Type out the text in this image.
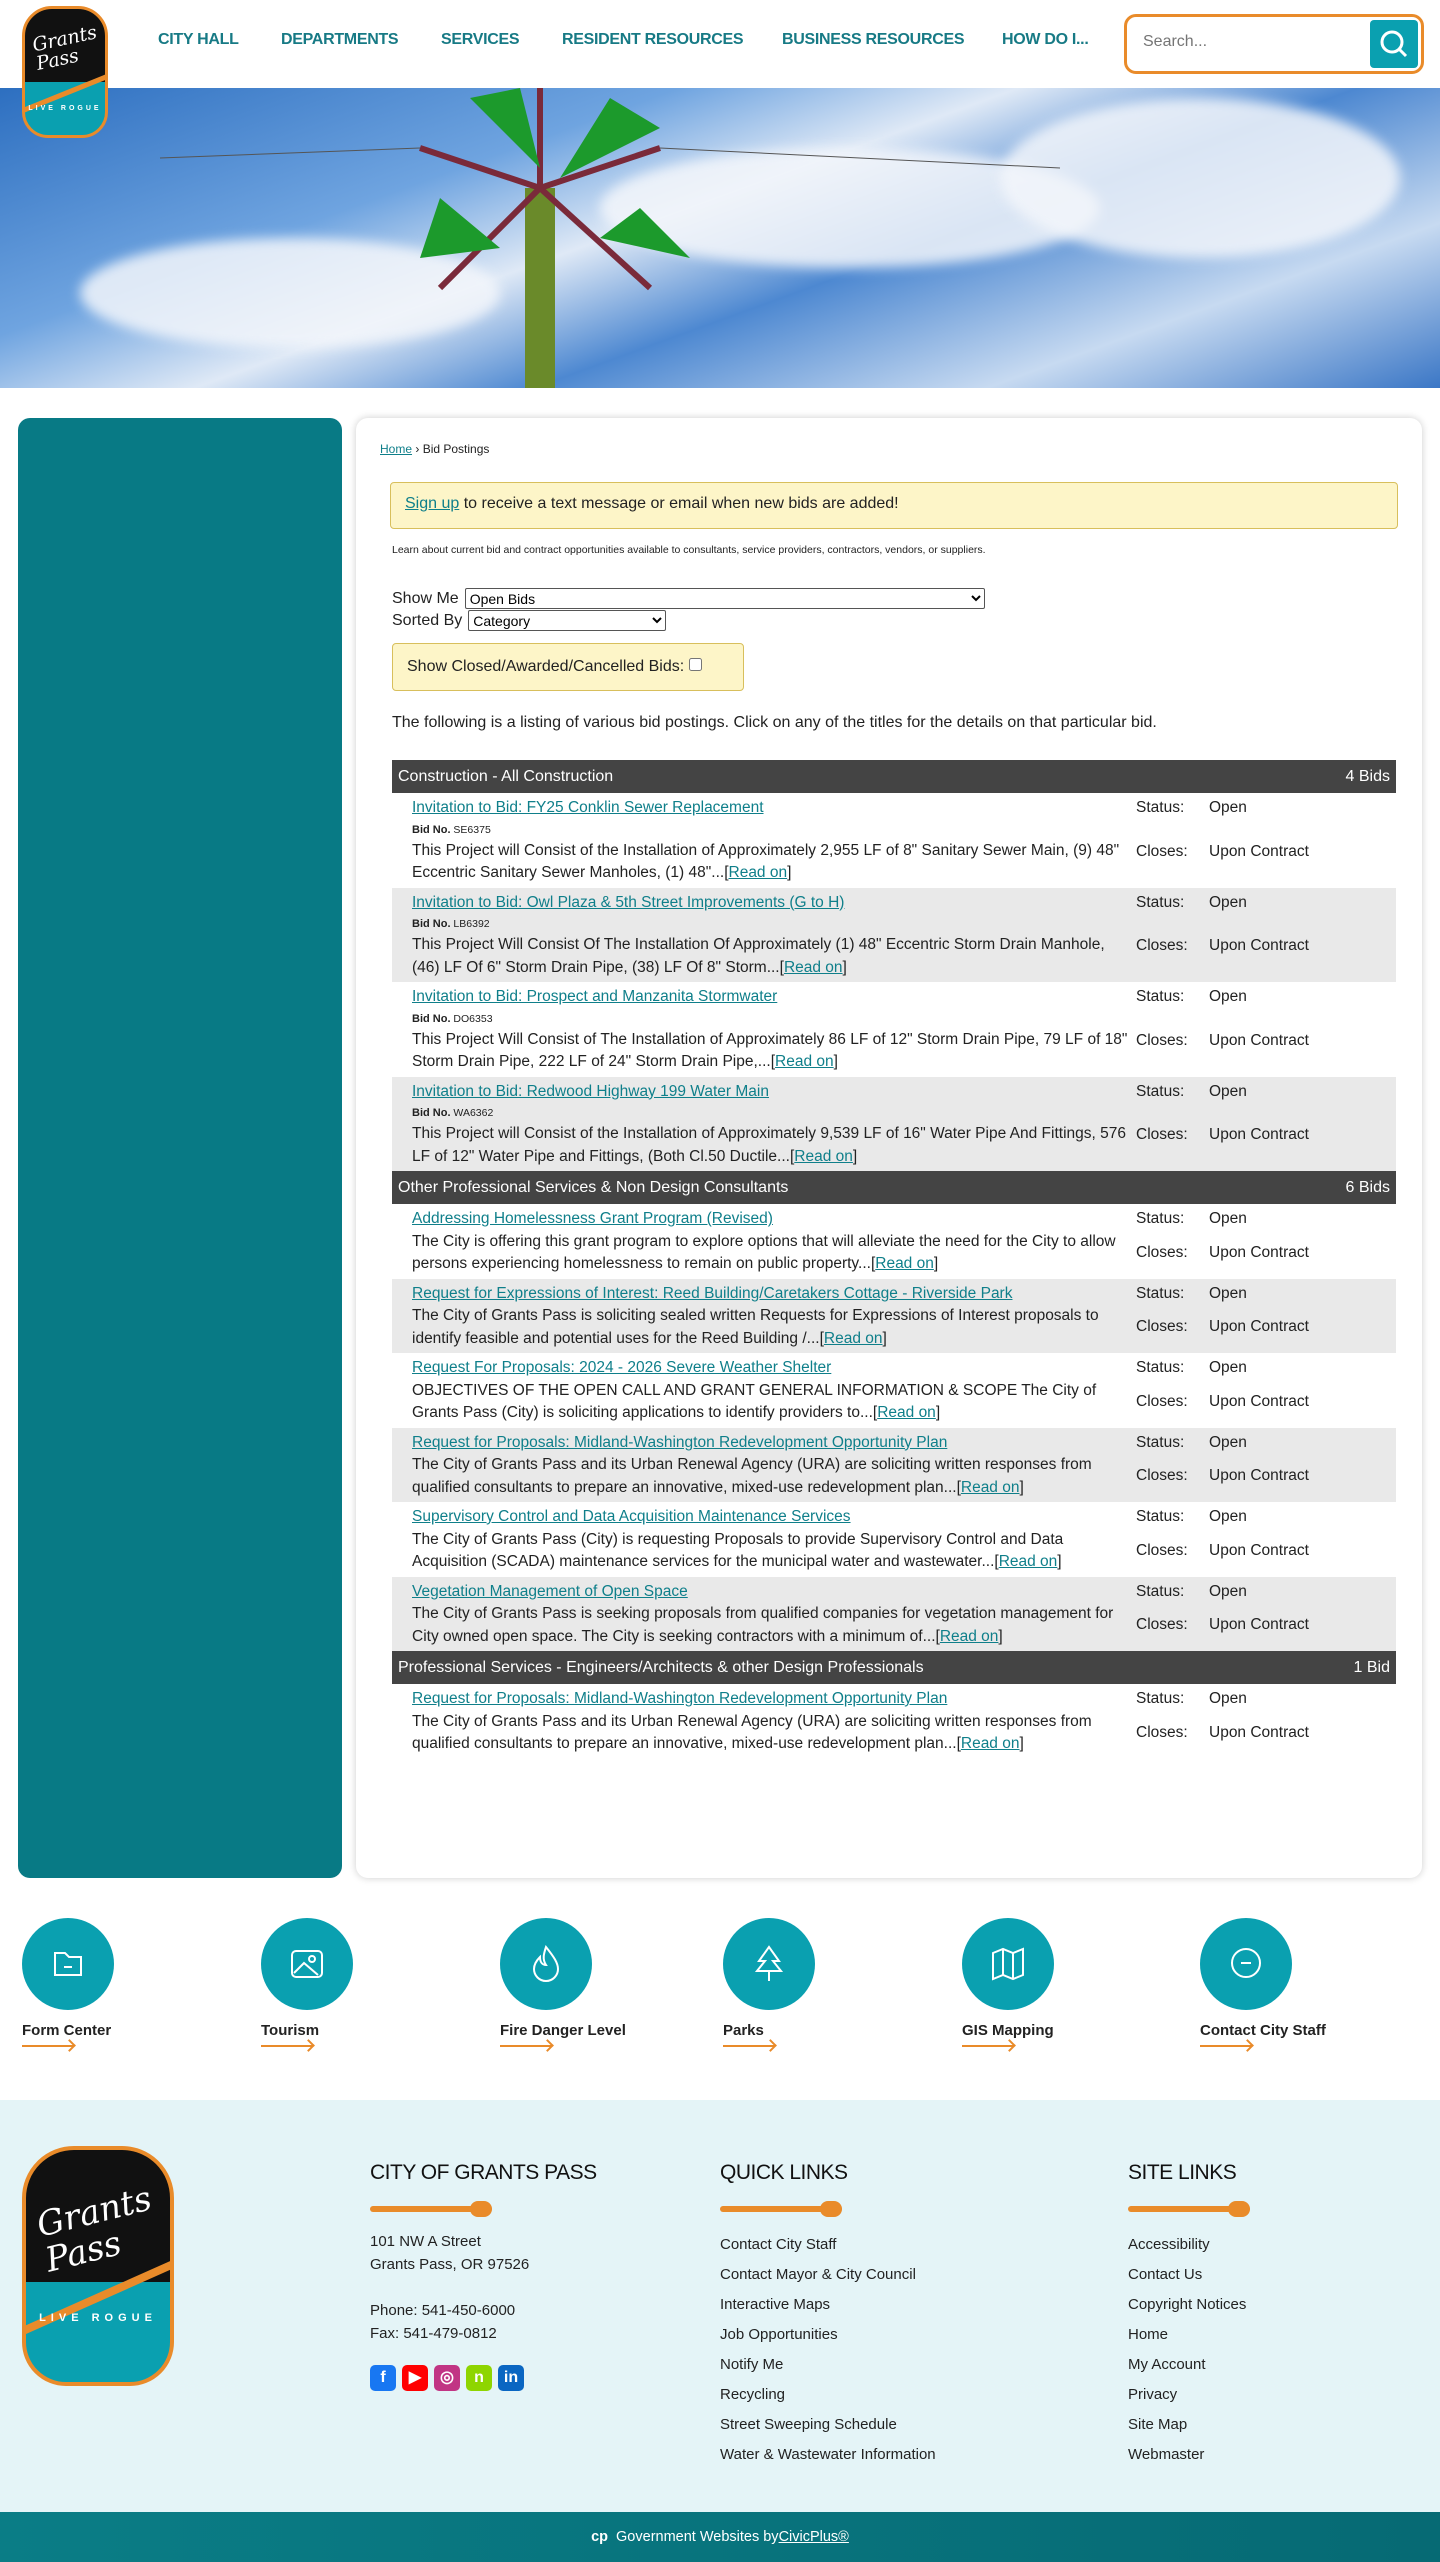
CITY HALL	DEPARTMENTS	SERVICES	RESIDENT RESOURCES BUSINESS RESOURCES HOW DO I...
Search...
Grants Pass
LIVE ROGUE
Home › Bid Postings
Sign up to receive a text message or email when new bids are added!
Learn about current bid and contract opportunities available to consultants, service providers, contractors, vendors, or suppliers.
Show Me
Open Bids
Sorted By
Category
Show Closed/Awarded/Cancelled Bids:
The following is a listing of various bid postings. Click on any of the titles for the details on that particular bid.
Construction - All Construction	4 Bids
Invitation to Bid: FY25 Conklin Sewer Replacement
Bid No. SE6375
This Project will Consist of the Installation of Approximately 2,955 LF of 8" Sanitary Sewer Main, (9) 48" Eccentric Sanitary Sewer Manholes, (1) 48"...[Read on]
Status:	Open
Closes:	Upon Contract
Invitation to Bid: Owl Plaza & 5th Street Improvements (G to H)
Bid No. LB6392
This Project Will Consist Of The Installation Of Approximately (1) 48" Eccentric Storm Drain Manhole, (46) LF Of 6" Storm Drain Pipe, (38) LF Of 8" Storm...[Read on]
Status:	Open
Closes:	Upon Contract
Invitation to Bid: Prospect and Manzanita Stormwater
Bid No. DO6353
This Project Will Consist of The Installation of Approximately 86 LF of 12" Storm Drain Pipe, 79 LF of 18" Storm Drain Pipe, 222 LF of 24" Storm Drain Pipe,...[Read on]
Status:	Open
Closes:	Upon Contract
Invitation to Bid: Redwood Highway 199 Water Main
Bid No. WA6362
This Project will Consist of the Installation of Approximately 9,539 LF of 16" Water Pipe And Fittings, 576 LF of 12" Water Pipe and Fittings, (Both Cl.50 Ductile...[Read on]
Status:	Open
Closes:	Upon Contract
Other Professional Services & Non Design Consultants	6 Bids
Addressing Homelessness Grant Program (Revised)
The City is offering this grant program to explore options that will alleviate the need for the City to allow persons experiencing homelessness to remain on public property...[Read on]
Status:	Open
Closes:	Upon Contract
Request for Expressions of Interest: Reed Building/Caretakers Cottage - Riverside Park
The City of Grants Pass is soliciting sealed written Requests for Expressions of Interest proposals to identify feasible and potential uses for the Reed Building /...[Read on]
Status:	Open
Closes:	Upon Contract
Request For Proposals: 2024 - 2026 Severe Weather Shelter
OBJECTIVES OF THE OPEN CALL AND GRANT GENERAL INFORMATION & SCOPE The City of Grants Pass (City) is soliciting applications to identify providers to...[Read on]
Status:	Open
Closes:	Upon Contract
Request for Proposals: Midland-Washington Redevelopment Opportunity Plan
The City of Grants Pass and its Urban Renewal Agency (URA) are soliciting written responses from qualified consultants to prepare an innovative, mixed-use redevelopment plan...[Read on]
Status:	Open
Closes:	Upon Contract
Supervisory Control and Data Acquisition Maintenance Services
The City of Grants Pass (City) is requesting Proposals to provide Supervisory Control and Data Acquisition (SCADA) maintenance services for the municipal water and wastewater...[Read on]
Status:	Open
Closes:	Upon Contract
Vegetation Management of Open Space
The City of Grants Pass is seeking proposals from qualified companies for vegetation management for City owned open space. The City is seeking contractors with a minimum of...[Read on]
Status:	Open
Closes:	Upon Contract
Professional Services - Engineers/Architects & other Design Professionals	1 Bid
Request for Proposals: Midland-Washington Redevelopment Opportunity Plan
The City of Grants Pass and its Urban Renewal Agency (URA) are soliciting written responses from qualified consultants to prepare an innovative, mixed-use redevelopment plan...[Read on]
Status:	Open
Closes:	Upon Contract
Form Center	Tourism	Fire Danger Level	Parks	GIS Mapping	Contact City Staff
Grants Pass
LIVE ROGUE
CITY OF GRANTS PASS
101 NW A Street
Grants Pass, OR 97526

Phone: 541-450-6000
Fax: 541-479-0812
f ▶ ◎ n in
QUICK LINKS
Contact City Staff
Contact Mayor & City Council
Interactive Maps
Job Opportunities
Notify Me
Recycling
Street Sweeping Schedule
Water & Wastewater Information
SITE LINKS
Accessibility
Contact Us
Copyright Notices
Home
My Account
Privacy
Site Map
Webmaster
cp Government Websites by CivicPlus®
